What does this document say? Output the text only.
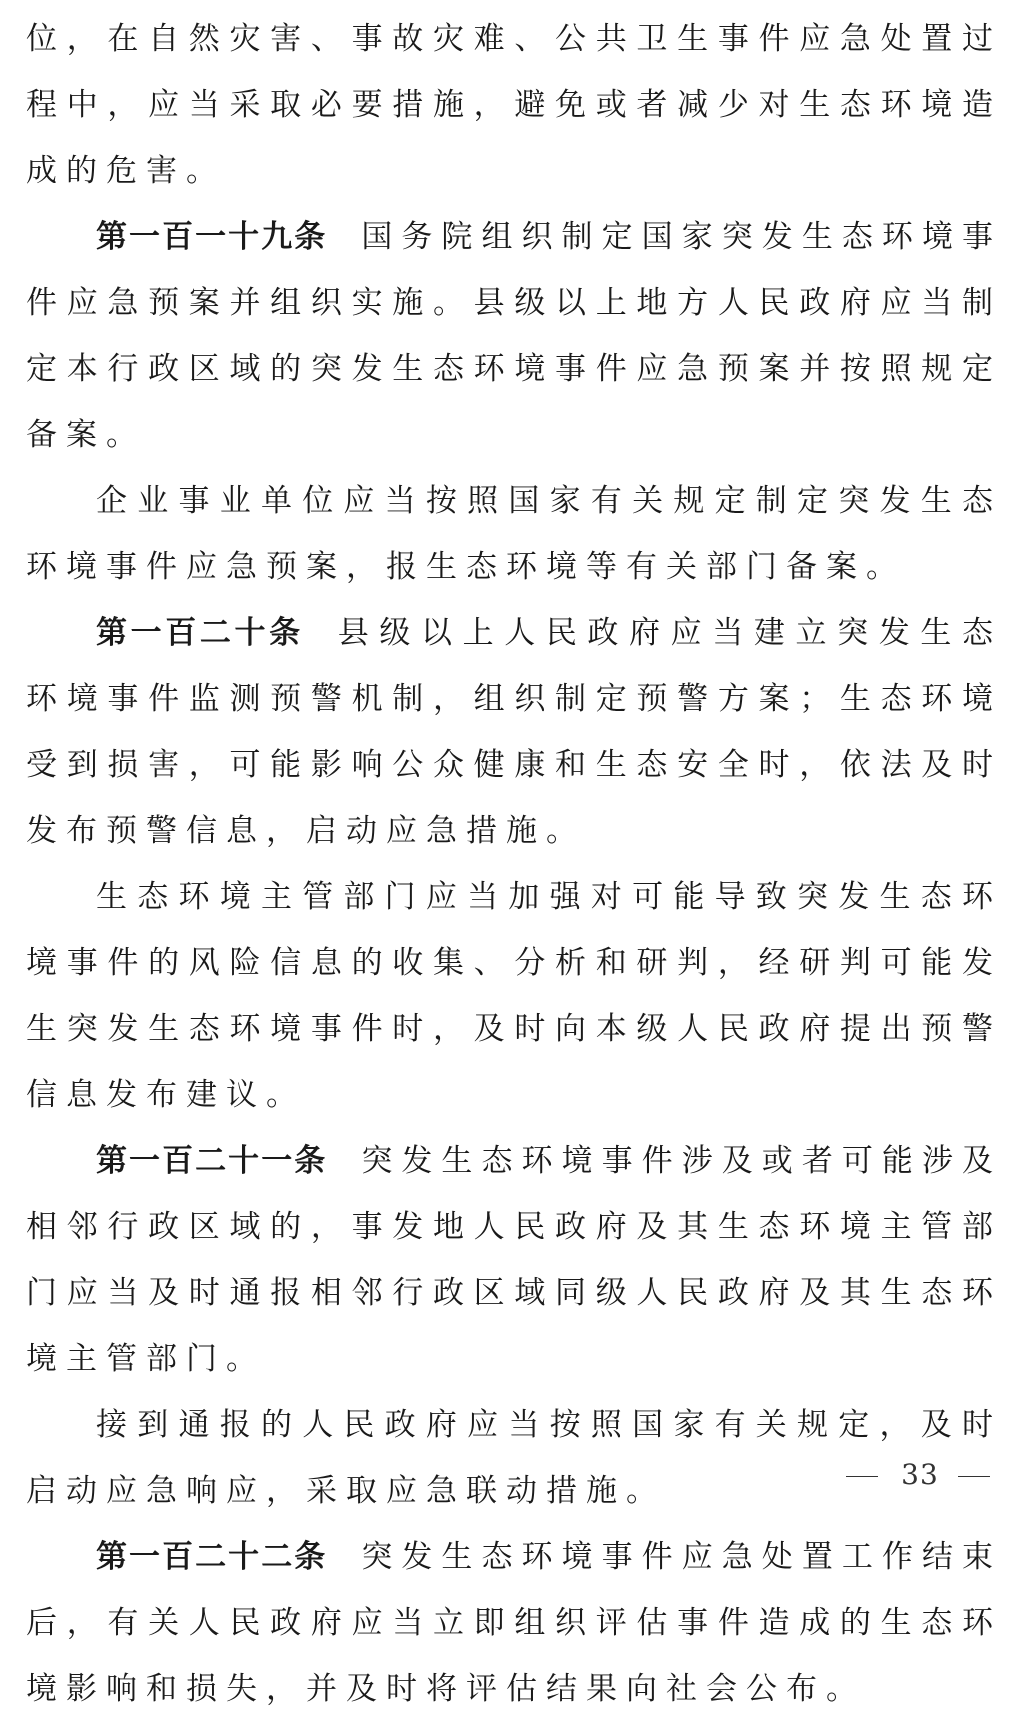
位，在自然灾害、事故灾难、公共卫生事件应急处置过程中，应当采取必要措施，避免或者减少对生态环境造成的危害。

第一百一十九条 国务院组织制定国家突发生态环境事件应急预案并组织实施。县级以上地方人民政府应当制定本行政区域的突发生态环境事件应急预案并按照规定备案。

企业事业单位应当按照国家有关规定制定突发生态环境事件应急预案，报生态环境等有关部门备案。

第一百二十条 县级以上人民政府应当建立突发生态环境事件监测预警机制，组织制定预警方案；生态环境受到损害，可能影响公众健康和生态安全时，依法及时发布预警信息，启动应急措施。

生态环境主管部门应当加强对可能导致突发生态环境事件的风险信息的收集、分析和研判，经研判可能发生突发生态环境事件时，及时向本级人民政府提出预警信息发布建议。

第一百二十一条 突发生态环境事件涉及或者可能涉及相邻行政区域的，事发地人民政府及其生态环境主管部门应当及时通报相邻行政区域同级人民政府及其生态环境主管部门。

接到通报的人民政府应当按照国家有关规定，及时启动应急响应，采取应急联动措施。

第一百二十二条 突发生态环境事件应急处置工作结束后，有关人民政府应当立即组织评估事件造成的生态环境影响和损失，并及时将评估结果向社会公布。

33
